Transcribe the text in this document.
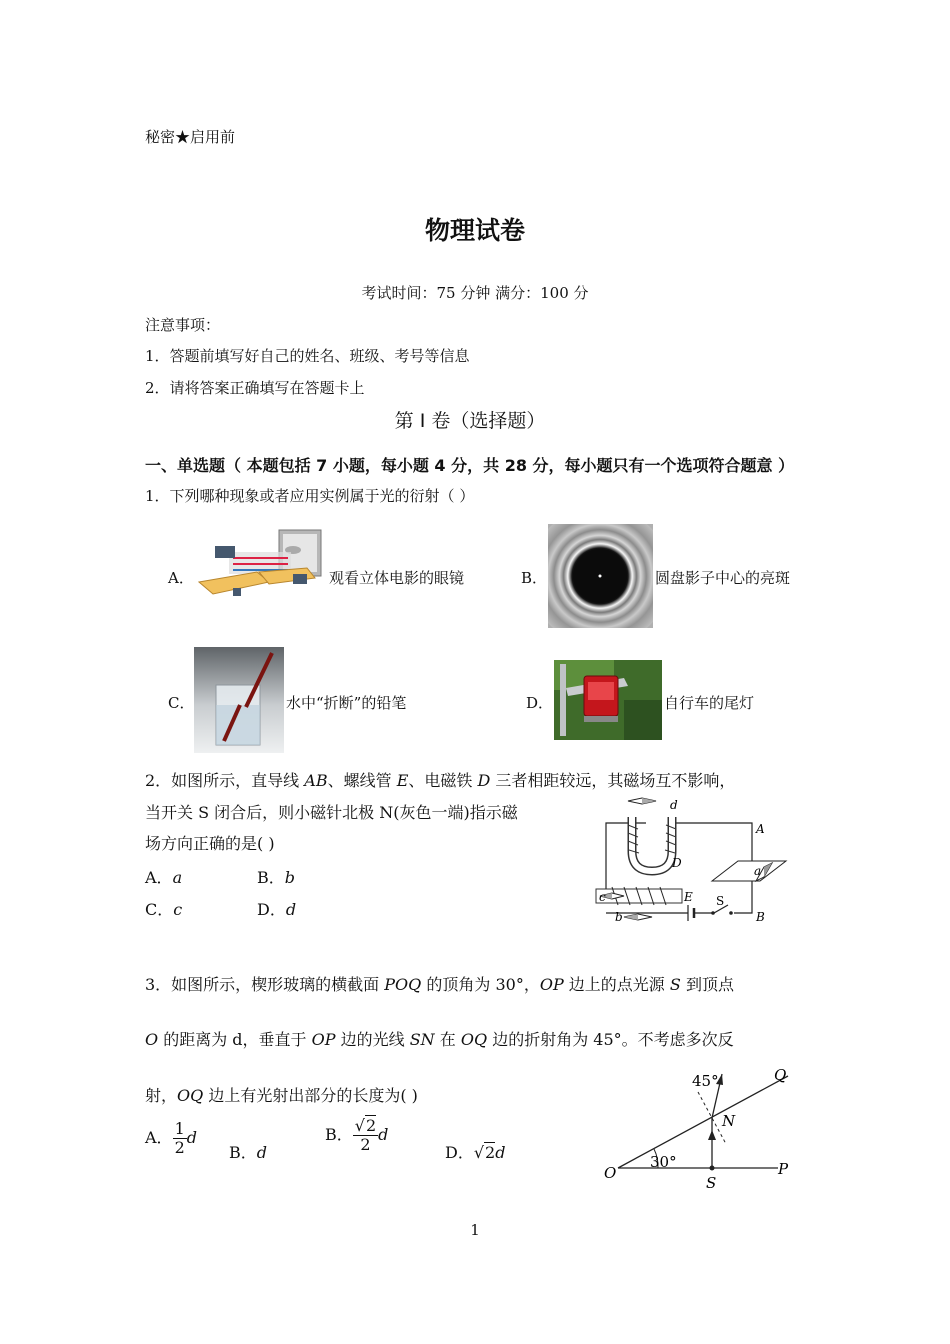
秘密★启用前
物理试卷
考试时间：75 分钟 满分：100 分
注意事项：
1．答题前填写好自己的姓名、班级、考号等信息
2．请将答案正确填写在答题卡上
第 I 卷（选择题）
一、单选题（ 本题包括 7 小题，每小题 4 分，共 28 分，每小题只有一个选项符合题意 ）
1．下列哪种现象或者应用实例属于光的衍射（ ）
A．	观看立体电影的眼镜	B．	圆盘影子中心的亮斑
C．	水中“折断”的铅笔	D．	自行车的尾灯
2．如图所示，直导线 AB、螺线管 E、电磁铁 D 三者相距较远，其磁场互不影响，
当开关 S 闭合后，则小磁针北极 N(灰色一端)指示磁
场方向正确的是( )
A．a	B．b
C．c	D．d
d
A
D
a
c	E S
b	B
3．如图所示，楔形玻璃的横截面 POQ 的顶角为 30°，OP 边上的点光源 S 到顶点
O 的距离为 d，垂直于 OP 边的光线 SN 在 OQ 边的折射角为 45°。不考虑多次反
射，OQ 边上有光射出部分的长度为( )
A． $\frac{1}{2}$ d
B．d
B． $\frac{√2}{2}$ d
D．√2d
45°	Q
N
O
30°
S
P
1
